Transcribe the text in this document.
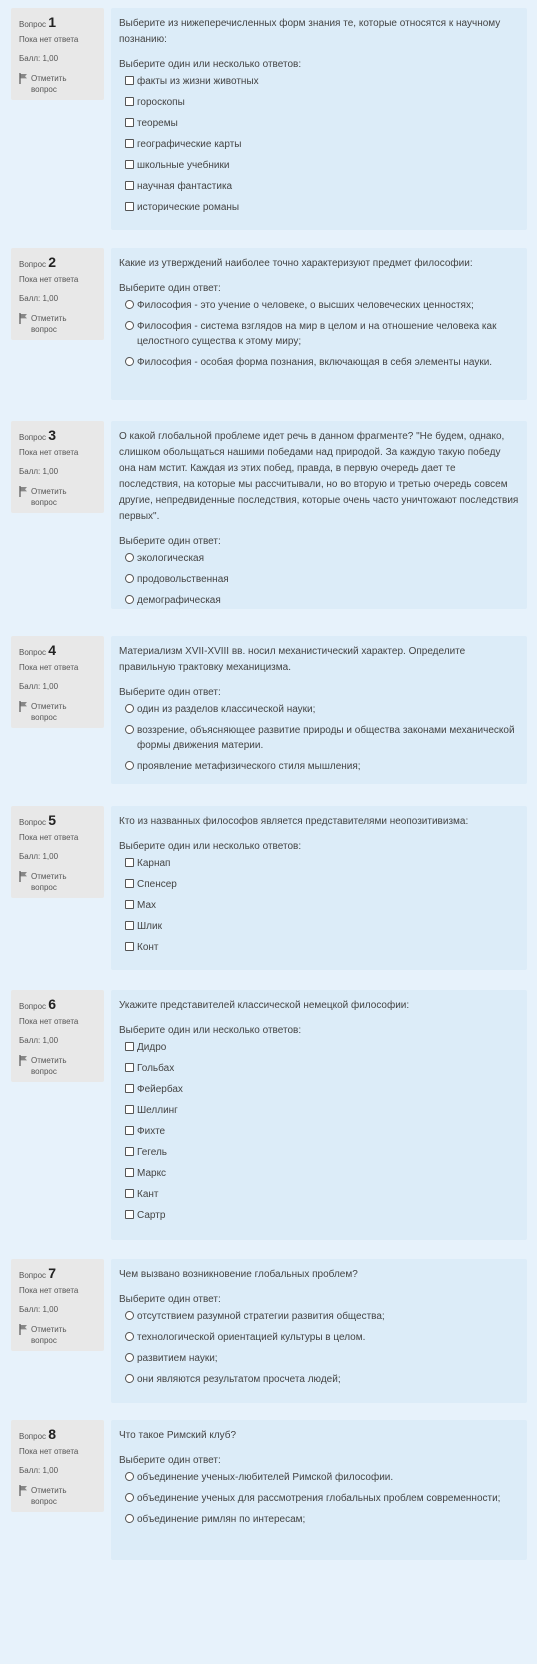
Вопрос 1
Пока нет ответа
Балл: 1,00
Отметить вопрос
Выберите из нижеперечисленных форм знания те, которые относятся к научному познанию:
Выберите один или несколько ответов:
факты из жизни животных
гороскопы
теоремы
географические карты
школьные учебники
научная фантастика
исторические романы
Вопрос 2
Пока нет ответа
Балл: 1,00
Отметить вопрос
Какие из утверждений наиболее точно характеризуют предмет философии:
Выберите один ответ:
Философия - это учение о человеке, о высших человеческих ценностях;
Философия - система взглядов на мир в целом и на отношение человека как целостного существа к этому миру;
Философия - особая форма познания, включающая в себя элементы науки.
Вопрос 3
Пока нет ответа
Балл: 1,00
Отметить вопрос
О какой глобальной проблеме идет речь в данном фрагменте? "Не будем, однако, слишком обольщаться нашими победами над природой. За каждую такую победу она нам мстит. Каждая из этих побед, правда, в первую очередь дает те последствия, на которые мы рассчитывали, но во вторую и третью очередь совсем другие, непредвиденные последствия, которые очень часто уничтожают последствия первых".
Выберите один ответ:
экологическая
продовольственная
демографическая
Вопрос 4
Пока нет ответа
Балл: 1,00
Отметить вопрос
Материализм XVII-XVIII вв. носил механистический характер. Определите правильную трактовку механицизма.
Выберите один ответ:
один из разделов классической науки;
воззрение, объясняющее развитие природы и общества законами механической формы движения материи.
проявление метафизического стиля мышления;
Вопрос 5
Пока нет ответа
Балл: 1,00
Отметить вопрос
Кто из названных философов является представителями неопозитивизма:
Выберите один или несколько ответов:
Карнап
Спенсер
Мах
Шлик
Конт
Вопрос 6
Пока нет ответа
Балл: 1,00
Отметить вопрос
Укажите представителей классической немецкой философии:
Выберите один или несколько ответов:
Дидро
Гольбах
Фейербах
Шеллинг
Фихте
Гегель
Маркс
Кант
Сартр
Вопрос 7
Пока нет ответа
Балл: 1,00
Отметить вопрос
Чем вызвано возникновение глобальных проблем?
Выберите один ответ:
отсутствием разумной стратегии развития общества;
технологической ориентацией культуры в целом.
развитием науки;
они являются результатом просчета людей;
Вопрос 8
Пока нет ответа
Балл: 1,00
Отметить вопрос
Что такое Римский клуб?
Выберите один ответ:
объединение ученых-любителей Римской философии.
объединение ученых для рассмотрения глобальных проблем современности;
объединение римлян по интересам;
